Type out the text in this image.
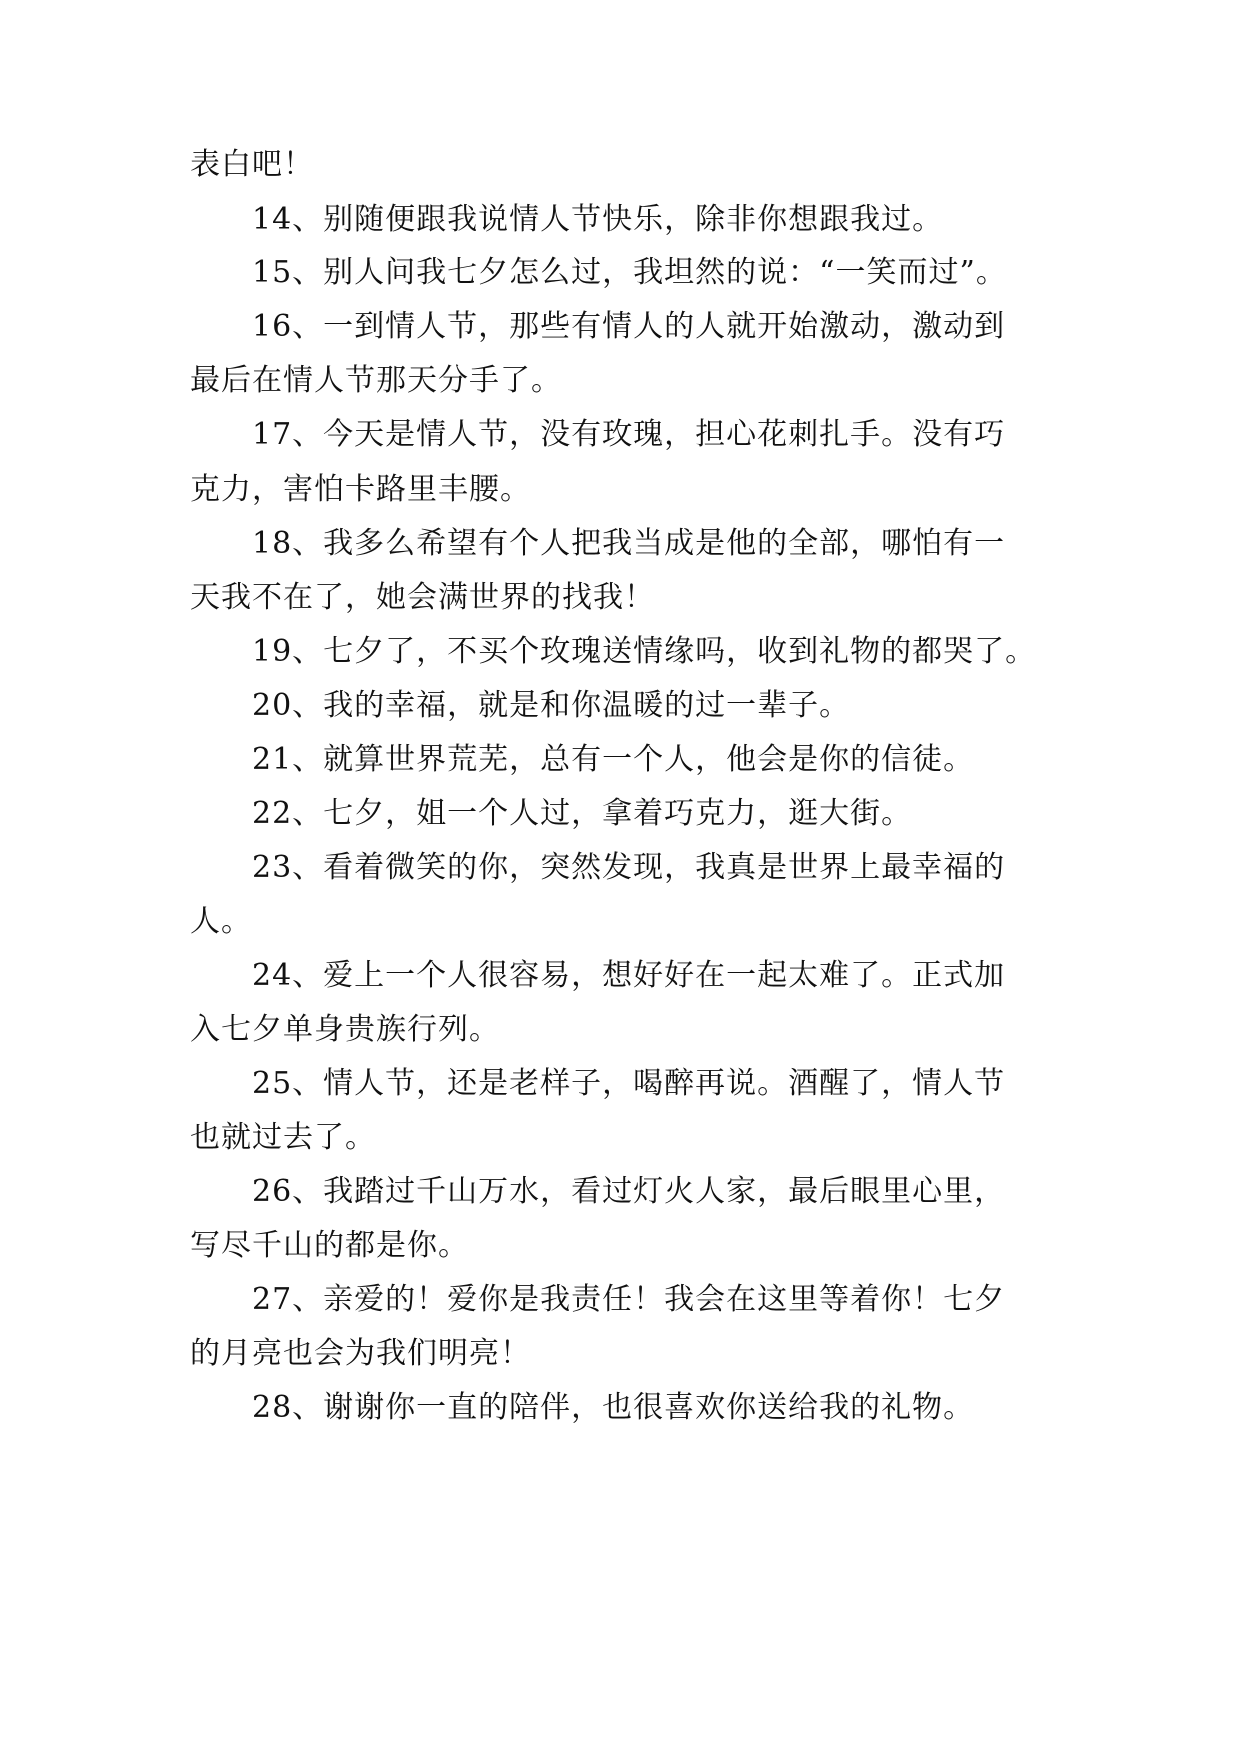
表白吧！
14、别随便跟我说情人节快乐，除非你想跟我过。
15、别人问我七夕怎么过，我坦然的说：“一笑而过”。
16、一到情人节，那些有情人的人就开始激动，激动到
最后在情人节那天分手了。
17、今天是情人节，没有玫瑰，担心花刺扎手。没有巧
克力，害怕卡路里丰腰。
18、我多么希望有个人把我当成是他的全部，哪怕有一
天我不在了，她会满世界的找我！
19、七夕了，不买个玫瑰送情缘吗，收到礼物的都哭了。
20、我的幸福，就是和你温暖的过一辈子。
21、就算世界荒芜，总有一个人，他会是你的信徒。
22、七夕，姐一个人过，拿着巧克力，逛大街。
23、看着微笑的你，突然发现，我真是世界上最幸福的
人。
24、爱上一个人很容易，想好好在一起太难了。正式加
入七夕单身贵族行列。
25、情人节，还是老样子，喝醉再说。酒醒了，情人节
也就过去了。
26、我踏过千山万水，看过灯火人家，最后眼里心里，
写尽千山的都是你。
27、亲爱的！爱你是我责任！我会在这里等着你！七夕
的月亮也会为我们明亮！
28、谢谢你一直的陪伴，也很喜欢你送给我的礼物。
